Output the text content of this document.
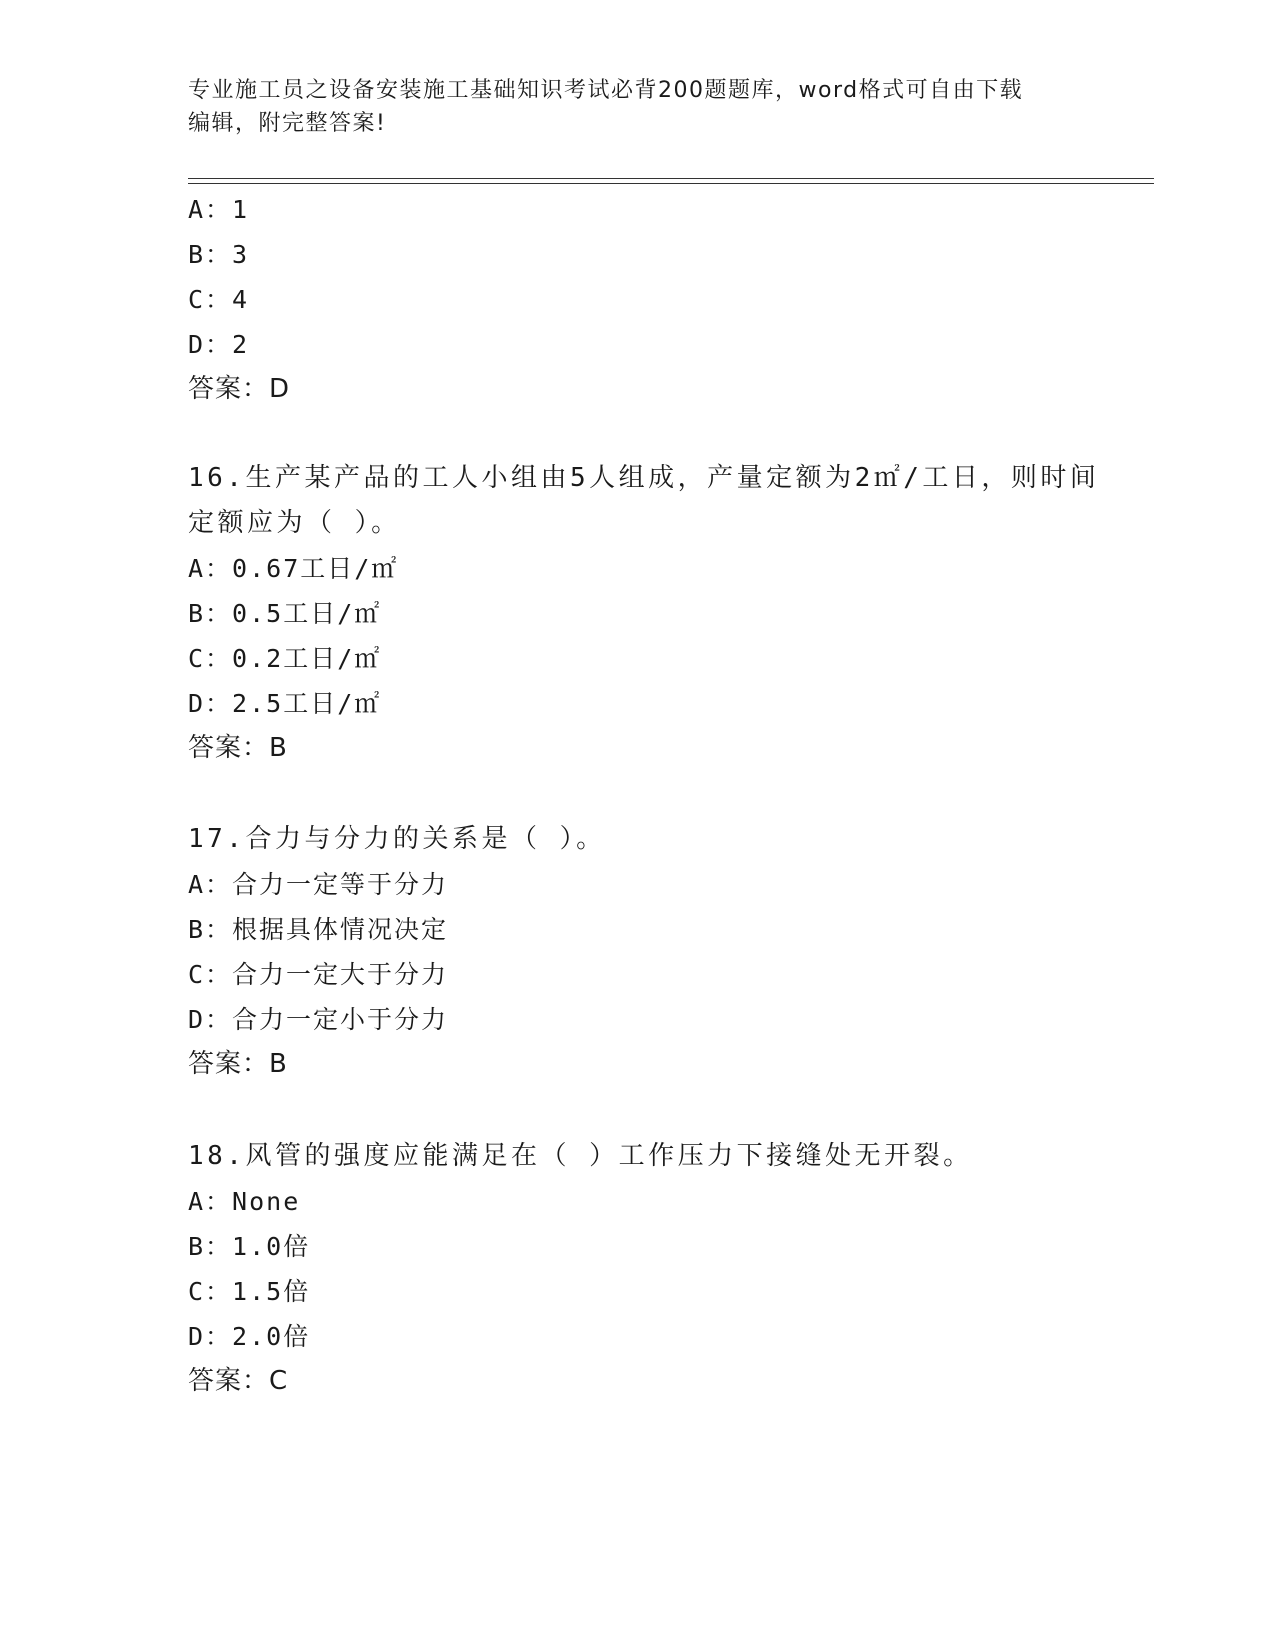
专业施工员之设备安装施工基础知识考试必背200题题库，word格式可自由下载
编辑，附完整答案!
A：1
B：3
C：4
D：2
答案：D
16.生产某产品的工人小组由5人组成，产量定额为2㎡/工日，则时间
定额应为（ ）。
A：0.67工日/㎡
B：0.5工日/㎡
C：0.2工日/㎡
D：2.5工日/㎡
答案：B
17.合力与分力的关系是（ ）。
A：合力一定等于分力
B：根据具体情况决定
C：合力一定大于分力
D：合力一定小于分力
答案：B
18.风管的强度应能满足在（ ）工作压力下接缝处无开裂。
A：None
B：1.0倍
C：1.5倍
D：2.0倍
答案：C
